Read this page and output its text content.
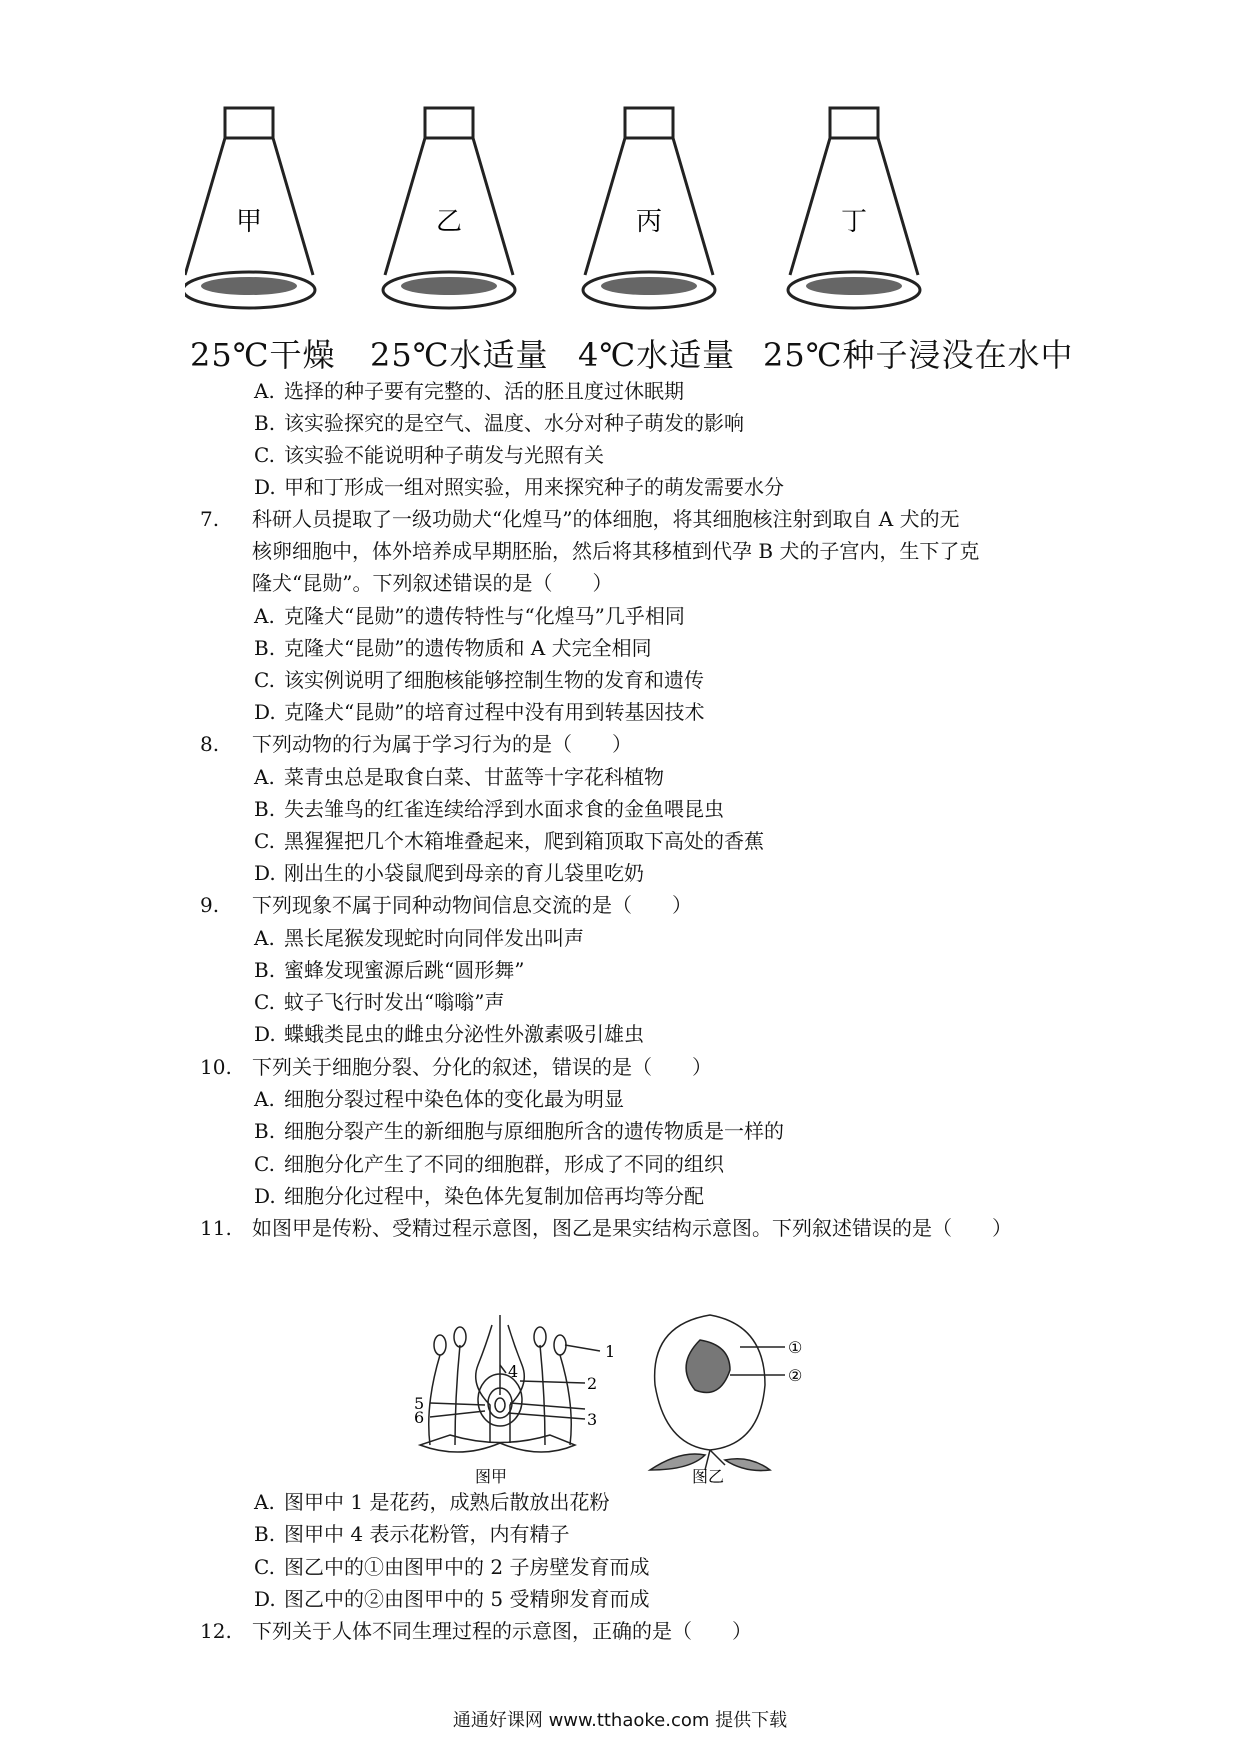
甲	乙	丙	丁
25℃干燥 25℃水适量 4℃水适量 25℃种子浸没在水中
A. 选择的种子要有完整的、活的胚且度过休眠期
B. 该实验探究的是空气、温度、水分对种子萌发的影响
C. 该实验不能说明种子萌发与光照有关
D. 甲和丁形成一组对照实验，用来探究种子的萌发需要水分
7.	科研人员提取了一级功勋犬“化煌马”的体细胞，将其细胞核注射到取自 A 犬的无
核卵细胞中，体外培养成早期胚胎，然后将其移植到代孕 B 犬的子宫内，生下了克
隆犬“昆勋”。下列叙述错误的是（　　）
A. 克隆犬“昆勋”的遗传特性与“化煌马”几乎相同
B. 克隆犬“昆勋”的遗传物质和 A 犬完全相同
C. 该实例说明了细胞核能够控制生物的发育和遗传
D. 克隆犬“昆勋”的培育过程中没有用到转基因技术
8.	下列动物的行为属于学习行为的是（　　）
A. 菜青虫总是取食白菜、甘蓝等十字花科植物
B. 失去雏鸟的红雀连续给浮到水面求食的金鱼喂昆虫
C. 黑猩猩把几个木箱堆叠起来，爬到箱顶取下高处的香蕉
D. 刚出生的小袋鼠爬到母亲的育儿袋里吃奶
9.	下列现象不属于同种动物间信息交流的是（　　）
A. 黑长尾猴发现蛇时向同伴发出叫声
B. 蜜蜂发现蜜源后跳“圆形舞”
C. 蚊子飞行时发出“嗡嗡”声
D. 蝶蛾类昆虫的雌虫分泌性外激素吸引雄虫
10.	下列关于细胞分裂、分化的叙述，错误的是（　　）
A. 细胞分裂过程中染色体的变化最为明显
B. 细胞分裂产生的新细胞与原细胞所含的遗传物质是一样的
C. 细胞分化产生了不同的细胞群，形成了不同的组织
D. 细胞分化过程中，染色体先复制加倍再均等分配
11.	如图甲是传粉、受精过程示意图，图乙是果实结构示意图。下列叙述错误的是（　　）
1
2
3
4
5
6
图甲
①
②
图乙
A. 图甲中 1 是花药，成熟后散放出花粉
B. 图甲中 4 表示花粉管，内有精子
C. 图乙中的①由图甲中的 2 子房壁发育而成
D. 图乙中的②由图甲中的 5 受精卵发育而成
12.	下列关于人体不同生理过程的示意图，正确的是（　　）
通通好课网 www.tthaoke.com 提供下载
